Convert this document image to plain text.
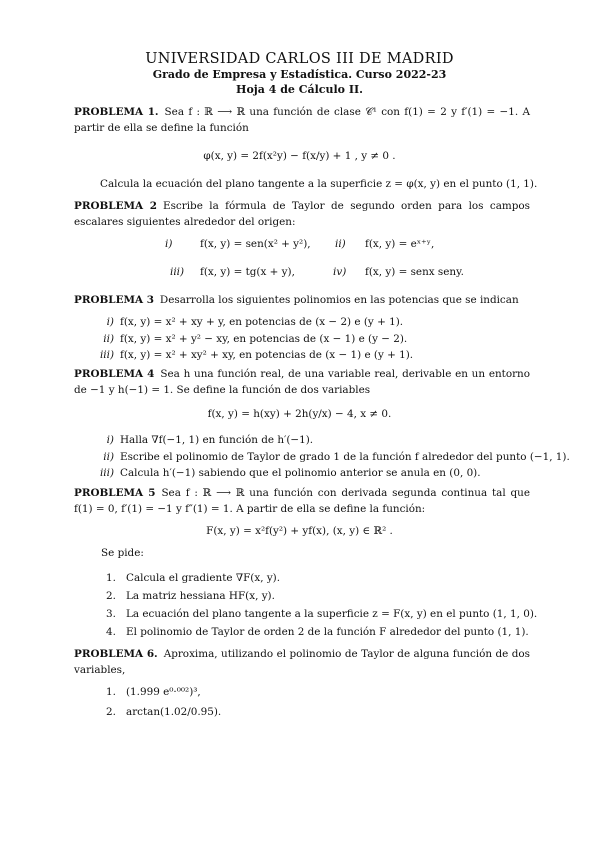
UNIVERSIDAD CARLOS III DE MADRID
Grado de Empresa y Estadística. Curso 2022-23
Hoja 4 de Cálculo II.

PROBLEMA 1. Sea f : ℝ ⟶ ℝ una función de clase 𝒞¹ con f(1) = 2 y f′(1) = −1. A partir de ella se define la función

φ(x, y) = 2f(x²y) − f(x/y) + 1 , y ≠ 0 .

Calcula la ecuación del plano tangente a la superficie z = φ(x, y) en el punto (1, 1).

PROBLEMA 2 Escribe la fórmula de Taylor de segundo orden para los campos escalares siguientes alrededor del origen:

i)	f(x, y) = sen(x² + y²), ii) f(x, y) = eˣ⁺ʸ,
iii) f(x, y) = tg(x + y),	iv) f(x, y) = senx seny.

PROBLEMA 3 Desarrolla los siguientes polinomios en las potencias que se indican

i) f(x, y) = x² + xy + y, en potencias de (x − 2) e (y + 1).
ii) f(x, y) = x² + y² − xy, en potencias de (x − 1) e (y − 2).
iii) f(x, y) = x² + xy² + xy, en potencias de (x − 1) e (y + 1).

PROBLEMA 4 Sea h una función real, de una variable real, derivable en un entorno de −1 y h(−1) = 1. Se define la función de dos variables

f(x, y) = h(xy) + 2h(y/x) − 4, x ≠ 0.
i) Halla ∇f(−1, 1) en función de h′(−1).
ii) Escribe el polinomio de Taylor de grado 1 de la función f alrededor del punto (−1, 1).
iii) Calcula h′(−1) sabiendo que el polinomio anterior se anula en (0, 0).

PROBLEMA 5 Sea f : ℝ ⟶ ℝ una función con derivada segunda continua tal que f(1) = 0, f′(1) = −1 y f″(1) = 1. A partir de ella se define la función:

F(x, y) = x²f(y²) + yf(x), (x, y) ∈ ℝ² .
Se pide:
1. Calcula el gradiente ∇F(x, y).
2. La matriz hessiana HF(x, y).
3. La ecuación del plano tangente a la superficie z = F(x, y) en el punto (1, 1, 0).
4. El polinomio de Taylor de orden 2 de la función F alrededor del punto (1, 1).

PROBLEMA 6. Aproxima, utilizando el polinomio de Taylor de alguna función de dos variables,

1. (1.999 e⁰·⁰⁰²)³,
2. arctan(1.02/0.95).
